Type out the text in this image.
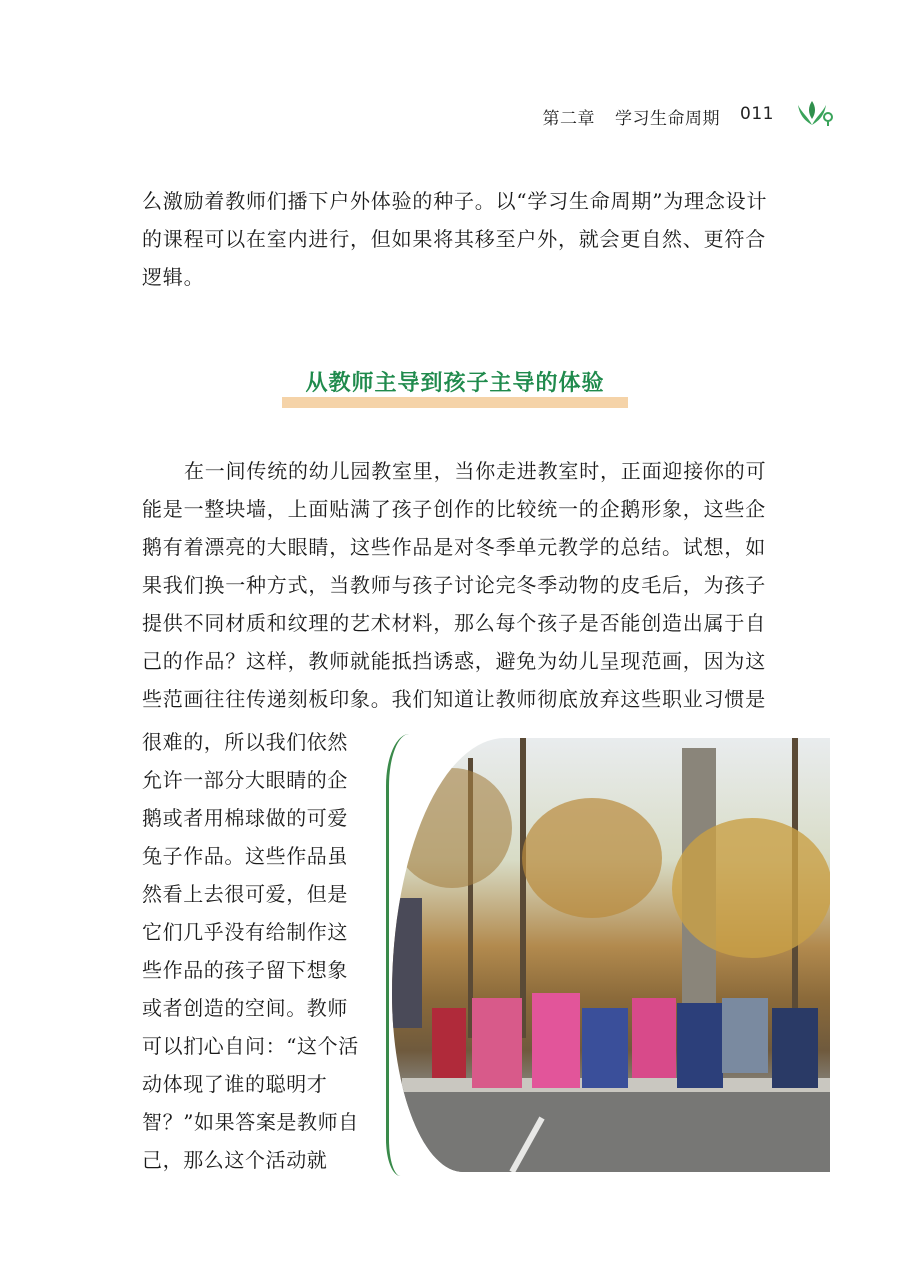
第二章 学习生命周期 011

么激励着教师们播下户外体验的种子。以“学习生命周期”为理念设计的课程可以在室内进行，但如果将其移至户外，就会更自然、更符合逻辑。

从教师主导到孩子主导的体验

在一间传统的幼儿园教室里，当你走进教室时，正面迎接你的可能是一整块墙，上面贴满了孩子创作的比较统一的企鹅形象，这些企鹅有着漂亮的大眼睛，这些作品是对冬季单元教学的总结。试想，如果我们换一种方式，当教师与孩子讨论完冬季动物的皮毛后，为孩子提供不同材质和纹理的艺术材料，那么每个孩子是否能创造出属于自己的作品？这样，教师就能抵挡诱惑，避免为幼儿呈现范画，因为这些范画往往传递刻板印象。我们知道让教师彻底放弃这些职业习惯是

很难的，所以我们依然允许一部分大眼睛的企鹅或者用棉球做的可爱兔子作品。这些作品虽然看上去很可爱，但是它们几乎没有给制作这些作品的孩子留下想象或者创造的空间。教师可以扪心自问：“这个活动体现了谁的聪明才智？”如果答案是教师自己，那么这个活动就
